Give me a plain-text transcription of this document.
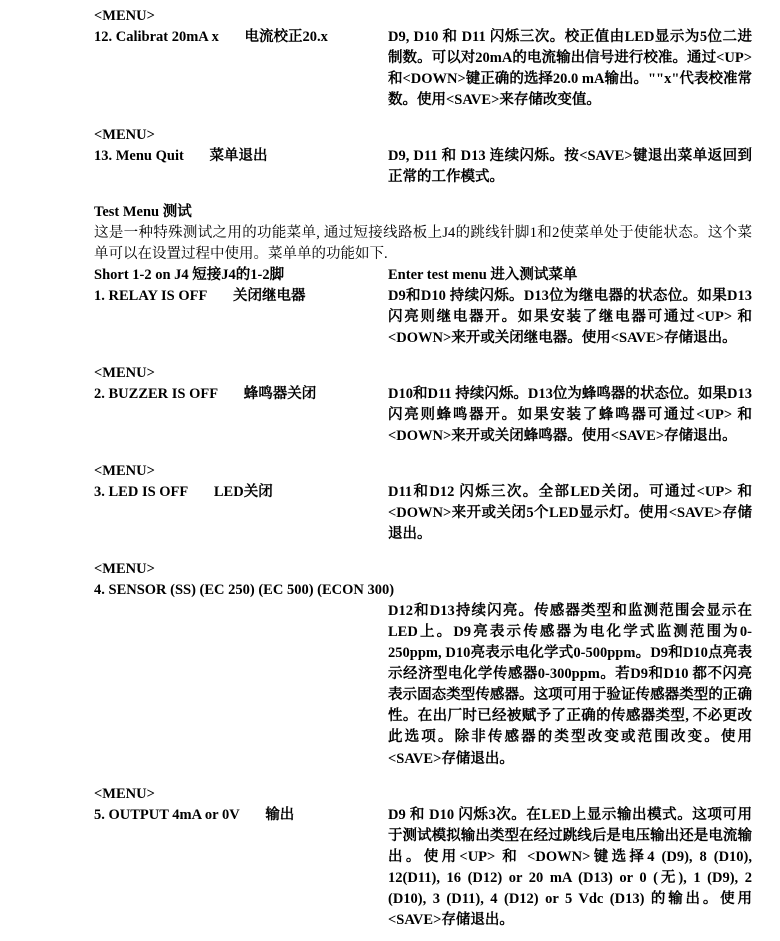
<MENU>
12. Calibrat 20mA x 电流校正20.x	D9, D10 和 D11 闪烁三次。校正值由LED显示为5位二进制数。可以对20mA的电流输出信号进行校准。通过<UP>和<DOWN>键正确的选择20.0 mA输出。""x"代表校准常数。使用<SAVE>来存储改变值。
<MENU>
13. Menu Quit 菜单退出	D9, D11 和 D13 连续闪烁。按<SAVE>键退出菜单返回到正常的工作模式。
Test Menu 测试
这是一种特殊测试之用的功能菜单, 通过短接线路板上J4的跳线针脚1和2使菜单处于使能状态。这个菜单可以在设置过程中使用。菜单单的功能如下.
Short 1-2 on J4 短接J4的1-2脚	Enter test menu 进入测试菜单
1. RELAY IS OFF 关闭继电器	D9和D10 持续闪烁。D13位为继电器的状态位。如果D13闪亮则继电器开。如果安装了继电器可通过<UP> 和<DOWN>来开或关闭继电器。使用<SAVE>存储退出。
<MENU>
2. BUZZER IS OFF 蜂鸣器关闭	D10和D11 持续闪烁。D13位为蜂鸣器的状态位。如果D13闪亮则蜂鸣器开。如果安装了蜂鸣器可通过<UP> 和<DOWN>来开或关闭蜂鸣器。使用<SAVE>存储退出。
<MENU>
3. LED IS OFF LED关闭	D11和D12 闪烁三次。全部LED关闭。可通过<UP> 和<DOWN>来开或关闭5个LED显示灯。使用<SAVE>存储退出。
<MENU>
4. SENSOR (SS) (EC 250) (EC 500) (ECON 300)
D12和D13持续闪亮。传感器类型和监测范围会显示在LED上。D9亮表示传感器为电化学式监测范围为0-250ppm, D10亮表示电化学式0-500ppm。D9和D10点亮表示经济型电化学传感器0-300ppm。若D9和D10 都不闪亮表示固态类型传感器。这项可用于验证传感器类型的正确性。在出厂时已经被赋予了正确的传感器类型, 不必更改此选项。除非传感器的类型改变或范围改变。使用<SAVE>存储退出。
<MENU>
5. OUTPUT 4mA or 0V 输出	D9 和 D10 闪烁3次。在LED上显示输出模式。这项可用于测试模拟输出类型在经过跳线后是电压输出还是电流输出。使用<UP> 和 <DOWN>键选择4 (D9), 8 (D10), 12(D11), 16 (D12) or 20 mA (D13) or 0 (无), 1 (D9), 2 (D10), 3 (D11), 4 (D12) or 5 Vdc (D13) 的输出。使用<SAVE>存储退出。
